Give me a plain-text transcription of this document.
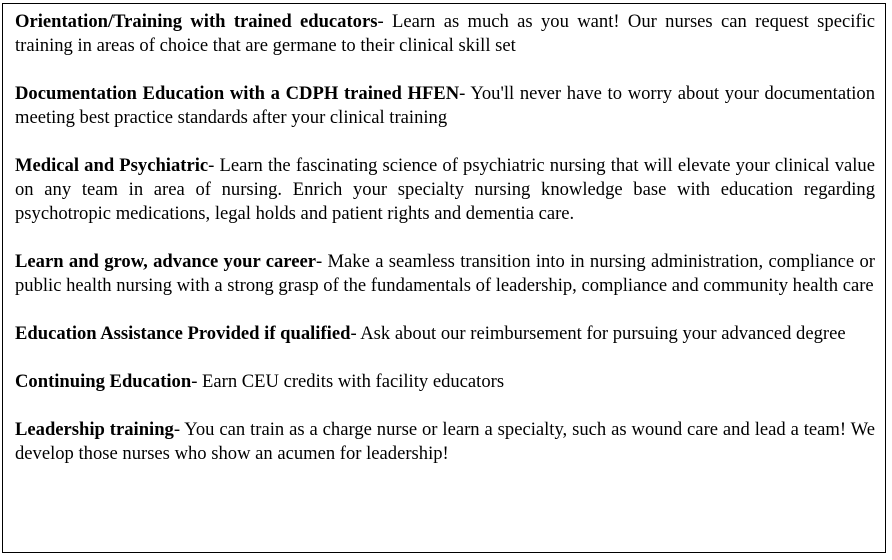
Orientation/Training with trained educators- Learn as much as you want! Our nurses can request specific training in areas of choice that are germane to their clinical skill set

Documentation Education with a CDPH trained HFEN- You'll never have to worry about your documentation meeting best practice standards after your clinical training

Medical and Psychiatric- Learn the fascinating science of psychiatric nursing that will elevate your clinical value on any team in area of nursing. Enrich your specialty nursing knowledge base with education regarding psychotropic medications, legal holds and patient rights and dementia care.

Learn and grow, advance your career- Make a seamless transition into in nursing administration, compliance or public health nursing with a strong grasp of the fundamentals of leadership, compliance and community health care

Education Assistance Provided if qualified- Ask about our reimbursement for pursuing your advanced degree

Continuing Education- Earn CEU credits with facility educators

Leadership training- You can train as a charge nurse or learn a specialty, such as wound care and lead a team! We develop those nurses who show an acumen for leadership!
